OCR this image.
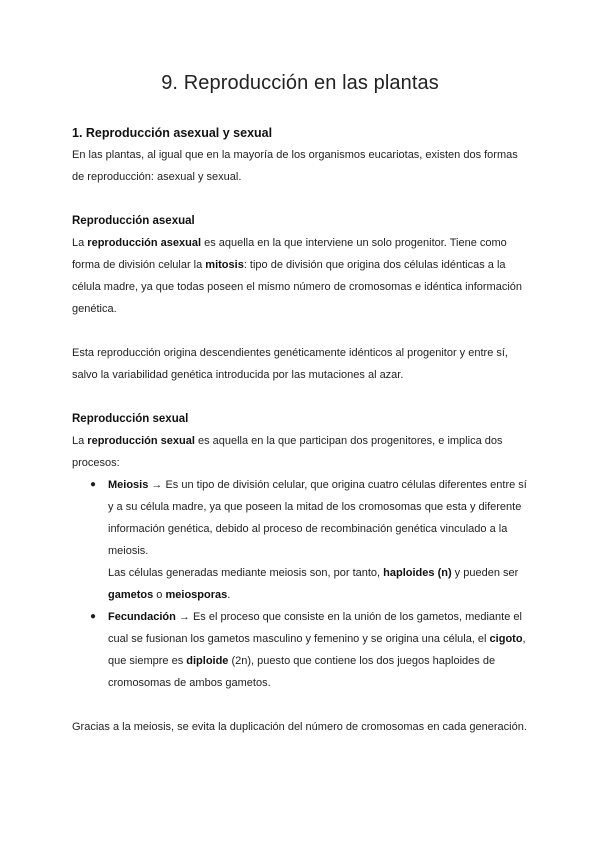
9. Reproducción en las plantas
1. Reproducción asexual y sexual

En las plantas, al igual que en la mayoría de los organismos eucariotas, existen dos formas de reproducción: asexual y sexual.

Reproducción asexual

La reproducción asexual es aquella en la que interviene un solo progenitor. Tiene como forma de división celular la mitosis: tipo de división que origina dos células idénticas a la célula madre, ya que todas poseen el mismo número de cromosomas e idéntica información genética.

Esta reproducción origina descendientes genéticamente idénticos al progenitor y entre sí, salvo la variabilidad genética introducida por las mutaciones al azar.

Reproducción sexual

La reproducción sexual es aquella en la que participan dos progenitores, e implica dos procesos:

● Meiosis → Es un tipo de división celular, que origina cuatro células diferentes entre sí y a su célula madre, ya que poseen la mitad de los cromosomas que esta y diferente información genética, debido al proceso de recombinación genética vinculado a la meiosis.
Las células generadas mediante meiosis son, por tanto, haploides (n) y pueden ser gametos o meiosporas.
● Fecundación → Es el proceso que consiste en la unión de los gametos, mediante el cual se fusionan los gametos masculino y femenino y se origina una célula, el cigoto, que siempre es diploide (2n), puesto que contiene los dos juegos haploides de cromosomas de ambos gametos.

Gracias a la meiosis, se evita la duplicación del número de cromosomas en cada generación.
